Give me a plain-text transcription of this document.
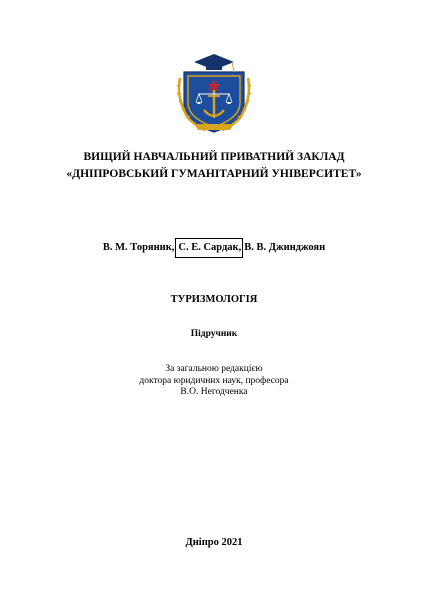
ВИЩИЙ НАВЧАЛЬНИЙ ПРИВАТНИЙ ЗАКЛАД
«ДНІПРОВСЬКИЙ ГУМАНІТАРНИЙ УНІВЕРСИТЕТ»
В. М. Торяник, С. Е. Сардак, В. В. Джинджоян
ТУРИЗМОЛОГІЯ
Підручник
За загальною редакцією
доктора юридичних наук, професора
В.О. Негодченка
Дніпро 2021
